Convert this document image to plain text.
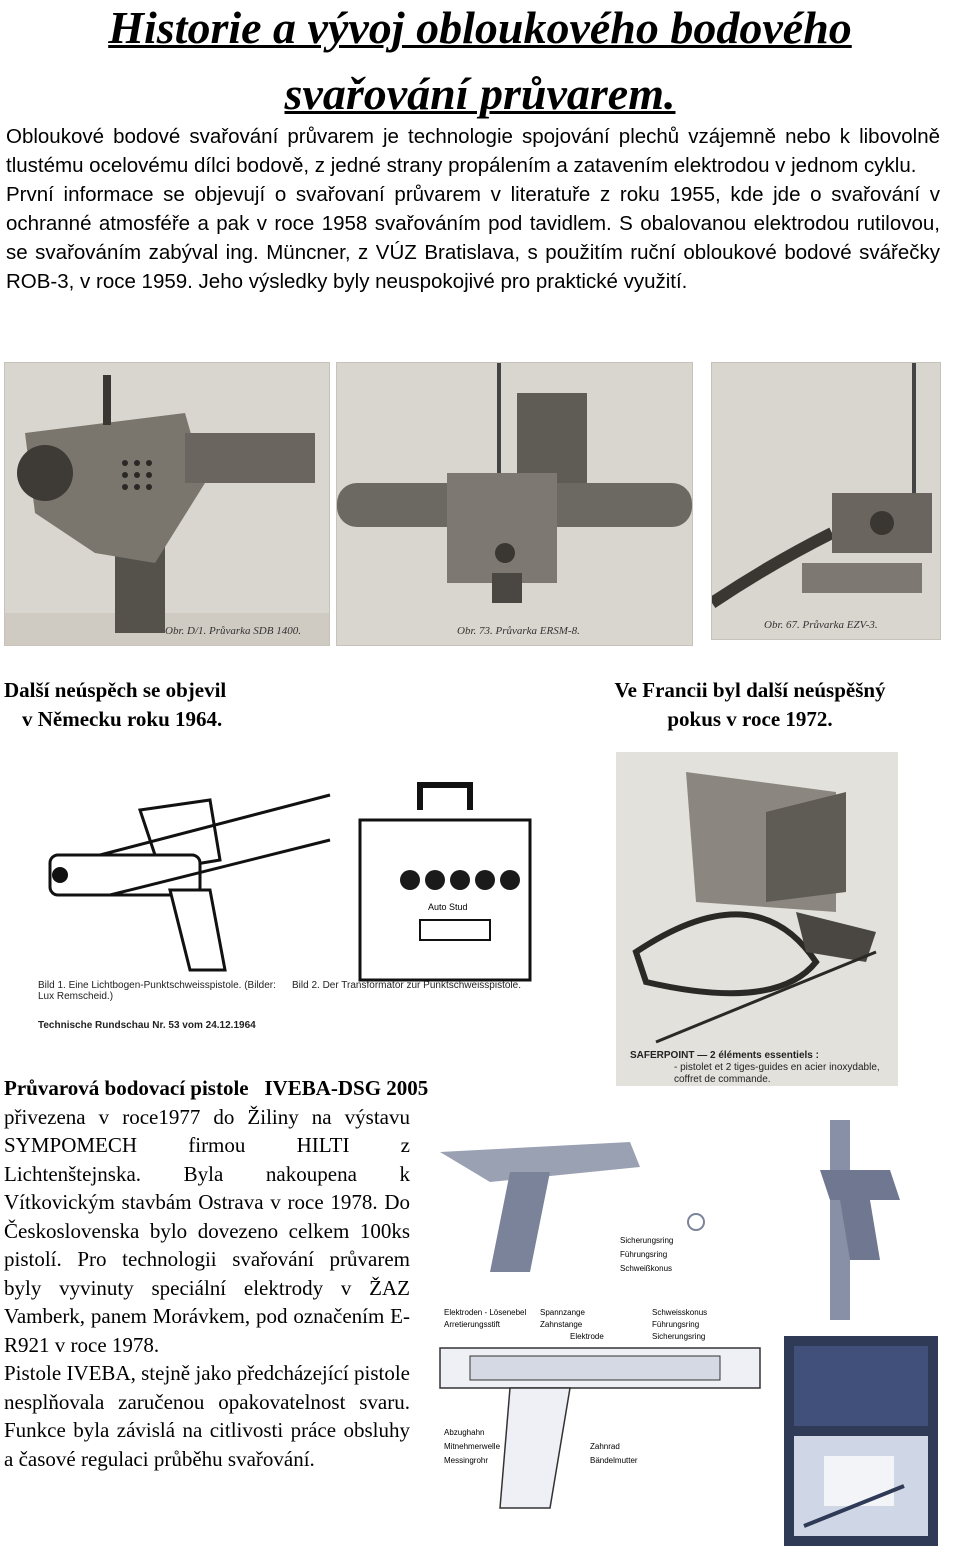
Historie a vývoj obloukového bodového
svařování průvarem.

Obloukové bodové svařování průvarem je technologie spojování plechů vzájemně nebo k libovolně tlustému ocelovému dílci bodově, z jedné strany propálením a zatavením elektrodou v jednom cyklu.

První informace se objevují o svařovaní průvarem v literatuře z roku 1955, kde jde o svařování v ochranné atmosféře a pak v roce 1958 svařováním pod tavidlem. S obalovanou elektrodou rutilovou, se svařováním zabýval ing. Müncner, z VÚZ Bratislava, s použitím ruční obloukové bodové svářečky ROB-3, v roce 1959. Jeho výsledky byly neuspokojivé pro praktické využití.

Obr. D/1. Průvarka SDB 1400.	Obr. 73. Průvarka ERSM-8.	Obr. 67. Průvarka EZV-3.
Další neúspěch se objevil
v Německu roku 1964.
Ve Francii byl další neúspěšný
pokus v roce 1972.
Auto Stud
Bild 1. Eine Lichtbogen-Punktschweisspistole. (Bilder: Lux Remscheid.)
Bild 2. Der Transformator zur Punktschweisspistole.
Technische Rundschau Nr. 53 vom 24.12.1964
SAFERPOINT — 2 éléments essentiels :
- pistolet et 2 tiges-guides en acier inoxydable,
coffret de commande.
Průvarová bodovací pistole   IVEBA-DSG 2005

přivezena v roce1977 do Žiliny na výstavu SYMPOMECH firmou HILTI z Lichtenštejnska. Byla nakoupena k Vítkovickým stavbám Ostrava v roce 1978. Do Československa bylo dovezeno celkem 100ks pistolí. Pro technologii svařování průvarem byly vyvinuty speciální elektrody v ŽAZ Vamberk, panem Morávkem, pod označením E-R921 v roce 1978.

Pistole IVEBA, stejně jako předcházející pistole nesplňovala zaručenou opakovatelnost svaru. Funkce byla závislá na citlivosti práce obsluhy a časové regulaci průběhu svařování.

Sicherungsring
Führungsring
Schweißkonus
Elektroden - Lösenebel
Arretierungsstift
Spannzange
Zahnstange
Elektrode
Schweisskonus
Führungsring
Sicherungsring
Abzughahn
Mitnehmerwelle
Messingrohr
Zahnrad
Bändelmutter
